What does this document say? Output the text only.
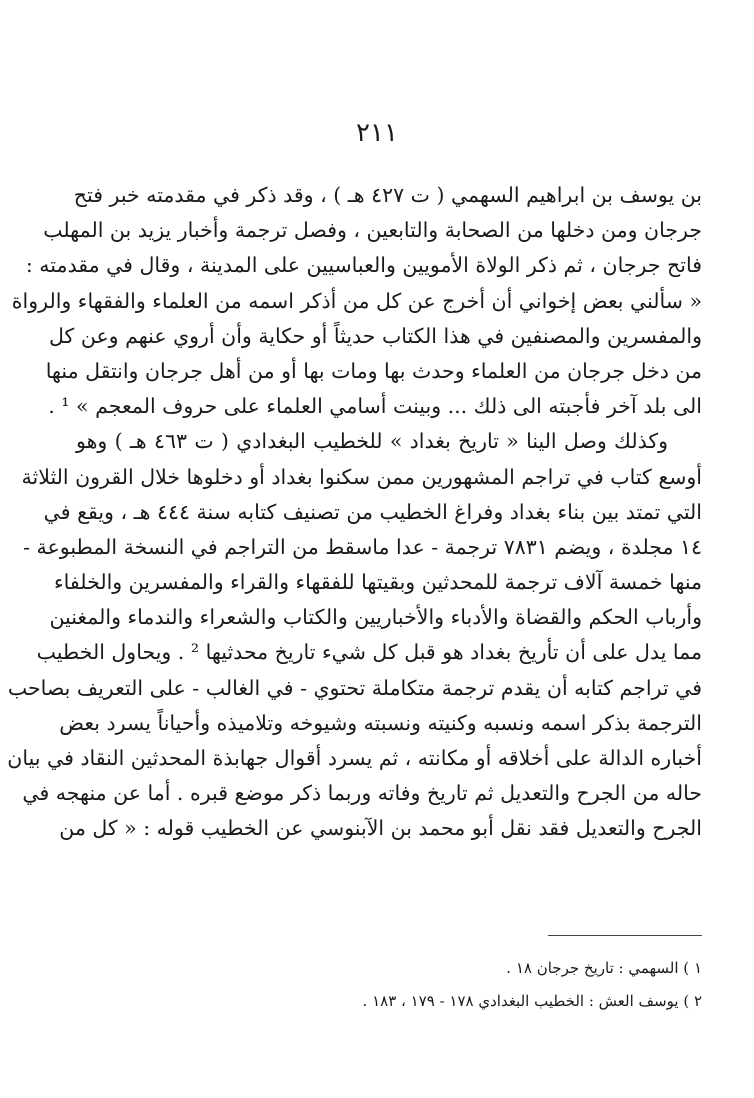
٢١١
بن يوسف بن ابراهيم السهمي ( ت ٤٢٧ هـ ) ، وقد ذكر في مقدمته خبر فتح
جرجان ومن دخلها من الصحابة والتابعين ، وفصل ترجمة وأخبار يزيد بن المهلب
فاتح جرجان ، ثم ذكر الولاة الأمويين والعباسيين على المدينة ، وقال في مقدمته :
« سألني بعض إخواني أن أخرج عن كل من أذكر اسمه من العلماء والفقهاء والرواة
والمفسرين والمصنفين في هذا الكتاب حديثاً أو حكاية وأن أروي عنهم وعن كل
من دخل جرجان من العلماء وحدث بها ومات بها أو من أهل جرجان وانتقل منها
الى بلد آخر فأجبته الى ذلك ... وبينت أسامي العلماء على حروف المعجم » ¹ .
وكذلك وصل الينا « تاريخ بغداد » للخطيب البغدادي ( ت ٤٦٣ هـ ) وهو
أوسع كتاب في تراجم المشهورين ممن سكنوا بغداد أو دخلوها خلال القرون الثلاثة
التي تمتد بين بناء بغداد وفراغ الخطيب من تصنيف كتابه سنة ٤٤٤ هـ ، ويقع في
١٤ مجلدة ، ويضم ٧٨٣١ ترجمة - عدا ماسقط من التراجم في النسخة المطبوعة -
منها خمسة آلاف ترجمة للمحدثين وبقيتها للفقهاء والقراء والمفسرين والخلفاء
وأرباب الحكم والقضاة والأدباء والأخباريين والكتاب والشعراء والندماء والمغنين
مما يدل على أن تأريخ بغداد هو قبل كل شيء تاريخ محدثيها ² . ويحاول الخطيب
في تراجم كتابه أن يقدم ترجمة متكاملة تحتوي - في الغالب - على التعريف بصاحب
الترجمة بذكر اسمه ونسبه وكنيته ونسبته وشيوخه وتلاميذه وأحياناً يسرد بعض
أخباره الدالة على أخلاقه أو مكانته ، ثم يسرد أقوال جهابذة المحدثين النقاد في بيان
حاله من الجرح والتعديل ثم تاريخ وفاته وربما ذكر موضع قبره . أما عن منهجه في
الجرح والتعديل فقد نقل أبو محمد بن الآبنوسي عن الخطيب قوله : « كل من
١ ) السهمي : تاريخ جرجان ١٨ .
٢ ) يوسف العش : الخطيب البغدادي ١٧٨ - ١٧٩ ، ١٨٣ .
